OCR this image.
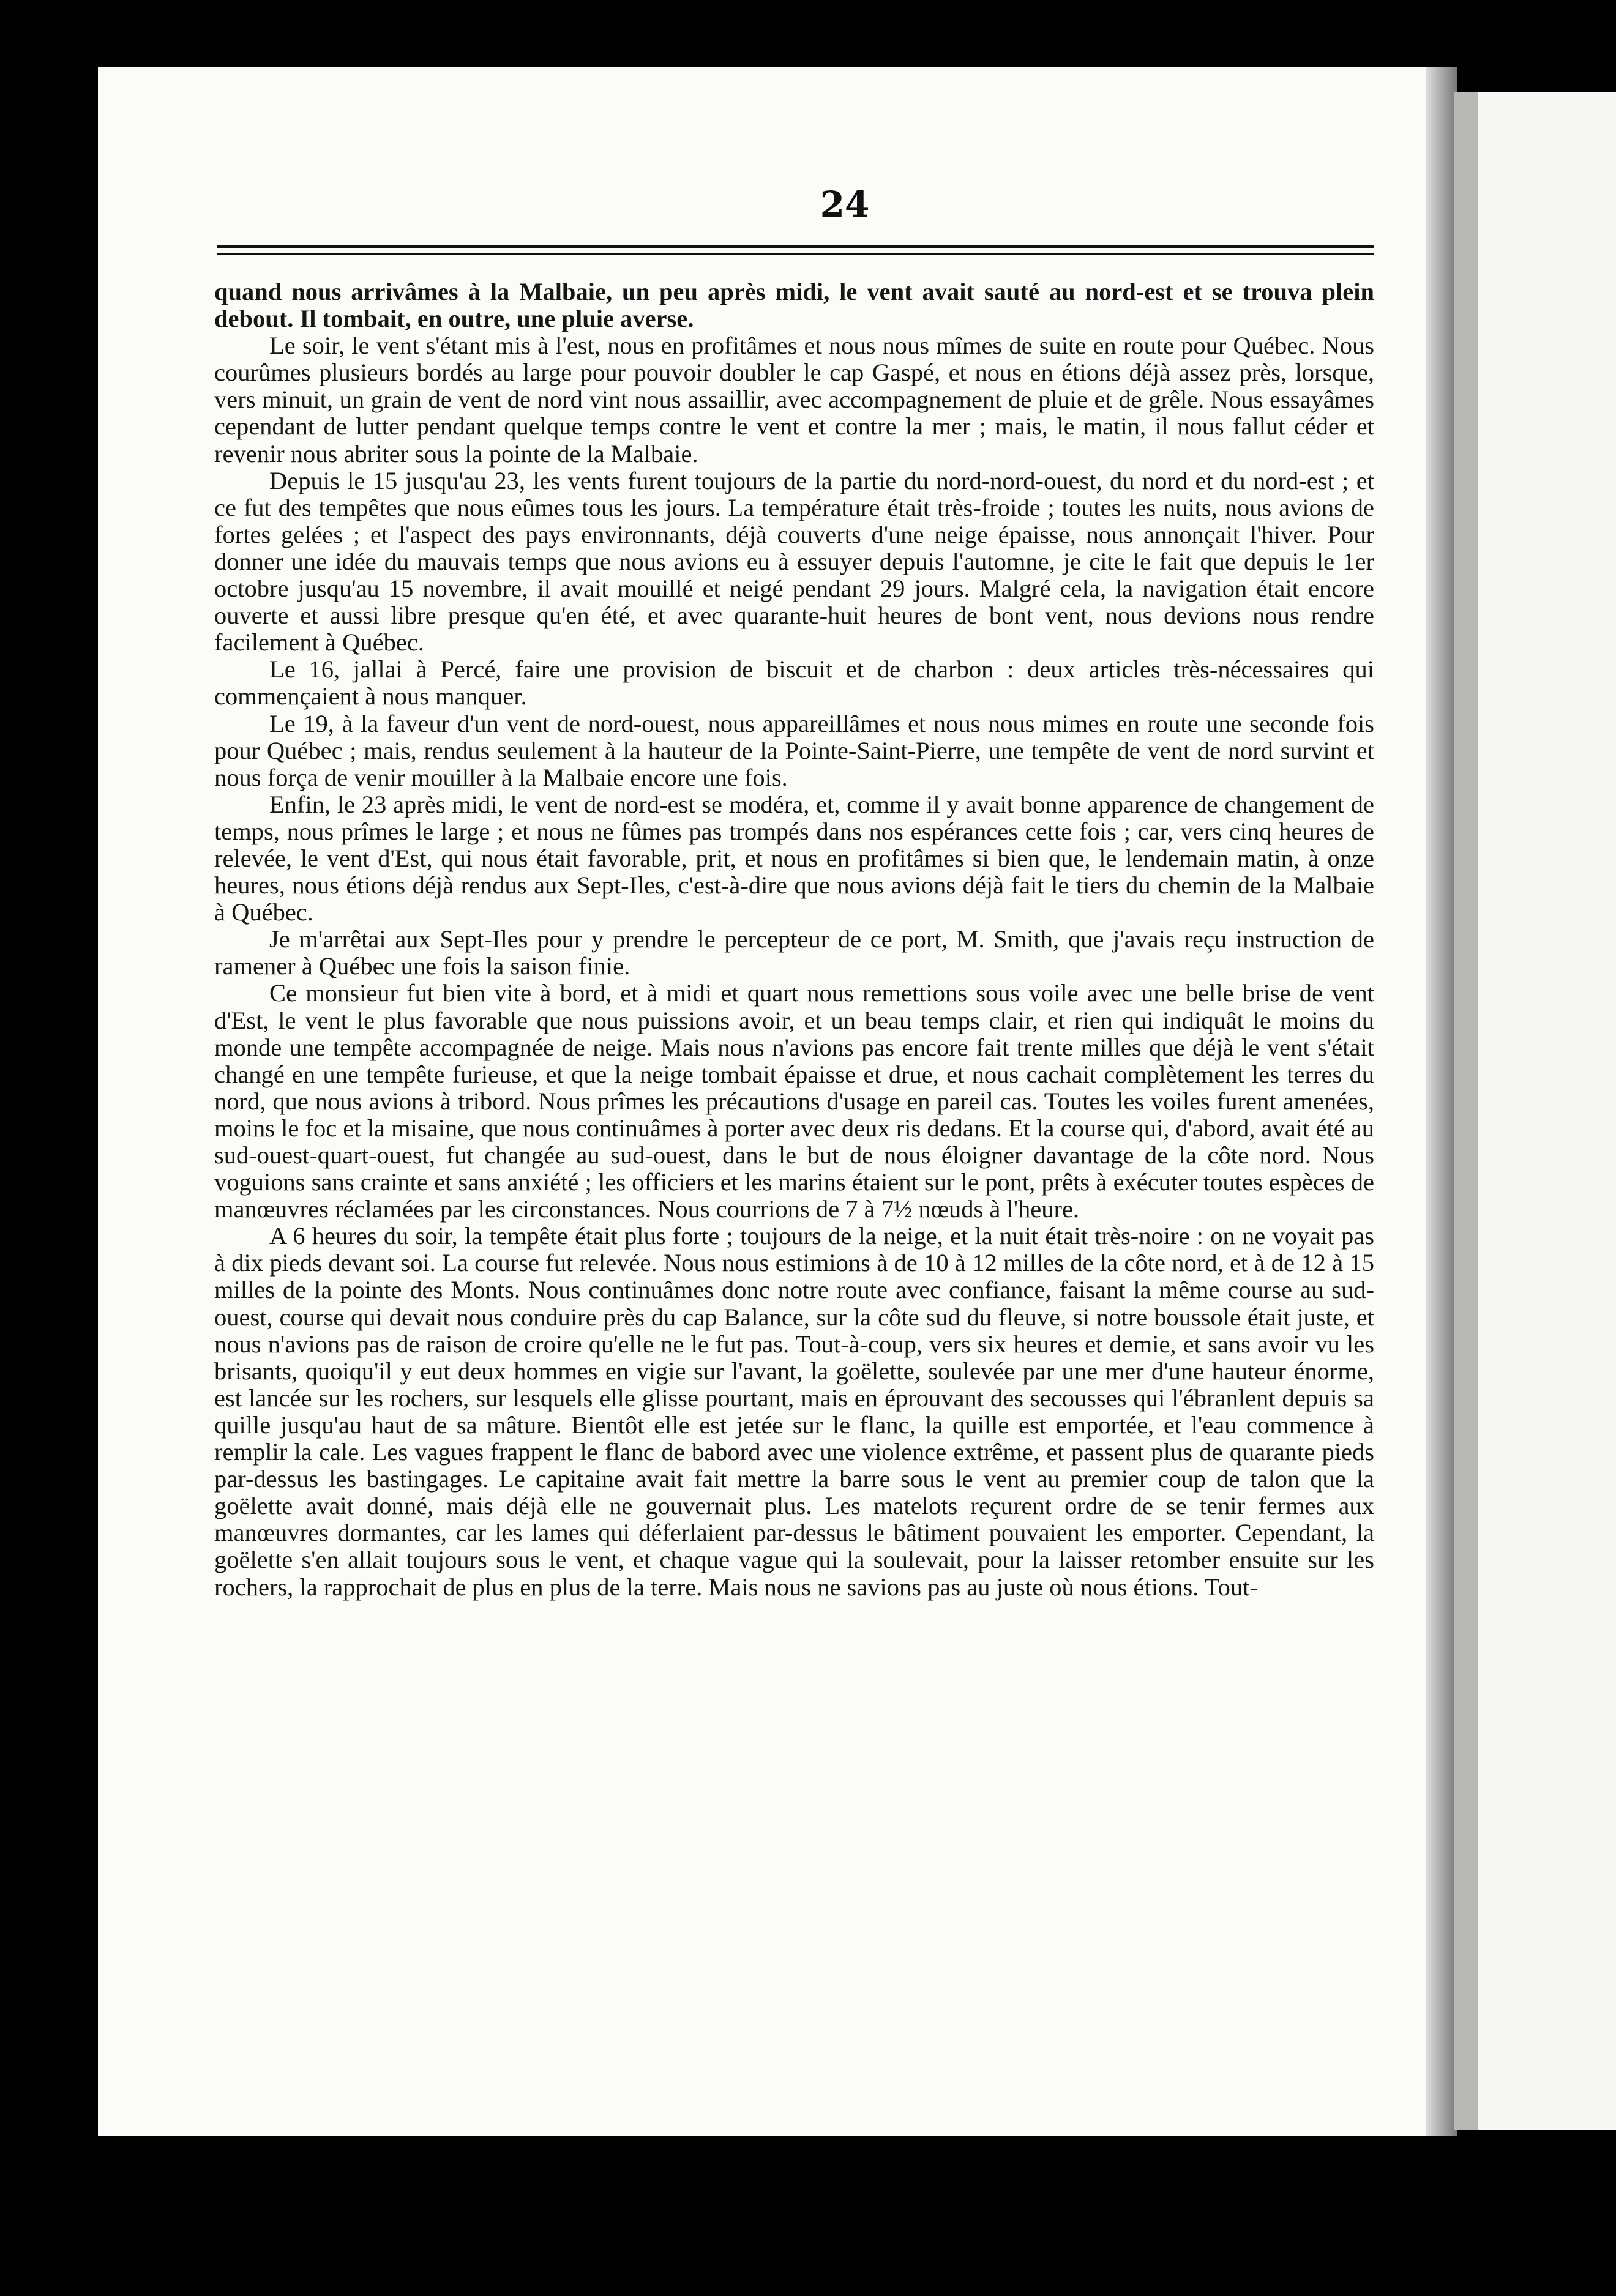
24

quand nous arrivâmes à la Malbaie, un peu après midi, le vent avait sauté au nord-est et se trouva plein debout. Il tombait, en outre, une pluie averse.

Le soir, le vent s'étant mis à l'est, nous en profitâmes et nous nous mîmes de suite en route pour Québec. Nous courûmes plusieurs bordés au large pour pouvoir doubler le cap Gaspé, et nous en étions déjà assez près, lorsque, vers minuit, un grain de vent de nord vint nous assaillir, avec accompagnement de pluie et de grêle. Nous essayâmes cependant de lutter pendant quelque temps contre le vent et contre la mer ; mais, le matin, il nous fallut céder et revenir nous abriter sous la pointe de la Malbaie.

Depuis le 15 jusqu'au 23, les vents furent toujours de la partie du nord-nord-ouest, du nord et du nord-est ; et ce fut des tempêtes que nous eûmes tous les jours. La température était très-froide ; toutes les nuits, nous avions de fortes gelées ; et l'aspect des pays environnants, déjà couverts d'une neige épaisse, nous annonçait l'hiver. Pour donner une idée du mauvais temps que nous avions eu à essuyer depuis l'automne, je cite le fait que depuis le 1er octobre jusqu'au 15 novembre, il avait mouillé et neigé pendant 29 jours. Malgré cela, la navigation était encore ouverte et aussi libre presque qu'en été, et avec quarante-huit heures de bont vent, nous devions nous rendre facilement à Québec.

Le 16, jallai à Percé, faire une provision de biscuit et de charbon : deux articles très-nécessaires qui commençaient à nous manquer.

Le 19, à la faveur d'un vent de nord-ouest, nous appareillâmes et nous nous mimes en route une seconde fois pour Québec ; mais, rendus seulement à la hauteur de la Pointe-Saint-Pierre, une tempête de vent de nord survint et nous força de venir mouiller à la Malbaie encore une fois.

Enfin, le 23 après midi, le vent de nord-est se modéra, et, comme il y avait bonne apparence de changement de temps, nous prîmes le large ; et nous ne fûmes pas trompés dans nos espérances cette fois ; car, vers cinq heures de relevée, le vent d'Est, qui nous était favorable, prit, et nous en profitâmes si bien que, le lendemain matin, à onze heures, nous étions déjà rendus aux Sept-Iles, c'est-à-dire que nous avions déjà fait le tiers du chemin de la Malbaie à Québec.

Je m'arrêtai aux Sept-Iles pour y prendre le percepteur de ce port, M. Smith, que j'avais reçu instruction de ramener à Québec une fois la saison finie.

Ce monsieur fut bien vite à bord, et à midi et quart nous remettions sous voile avec une belle brise de vent d'Est, le vent le plus favorable que nous puissions avoir, et un beau temps clair, et rien qui indiquât le moins du monde une tempête accompagnée de neige. Mais nous n'avions pas encore fait trente milles que déjà le vent s'était changé en une tempête furieuse, et que la neige tombait épaisse et drue, et nous cachait complètement les terres du nord, que nous avions à tribord. Nous prîmes les précautions d'usage en pareil cas. Toutes les voiles furent amenées, moins le foc et la misaine, que nous continuâmes à porter avec deux ris dedans. Et la course qui, d'abord, avait été au sud-ouest-quart-ouest, fut changée au sud-ouest, dans le but de nous éloigner davantage de la côte nord. Nous voguions sans crainte et sans anxiété ; les officiers et les marins étaient sur le pont, prêts à exécuter toutes espèces de manœuvres réclamées par les circonstances. Nous courrions de 7 à 7½ nœuds à l'heure.

A 6 heures du soir, la tempête était plus forte ; toujours de la neige, et la nuit était très-noire : on ne voyait pas à dix pieds devant soi. La course fut relevée. Nous nous estimions à de 10 à 12 milles de la côte nord, et à de 12 à 15 milles de la pointe des Monts. Nous continuâmes donc notre route avec confiance, faisant la même course au sud-ouest, course qui devait nous conduire près du cap Balance, sur la côte sud du fleuve, si notre boussole était juste, et nous n'avions pas de raison de croire qu'elle ne le fut pas. Tout-à-coup, vers six heures et demie, et sans avoir vu les brisants, quoiqu'il y eut deux hommes en vigie sur l'avant, la goëlette, soulevée par une mer d'une hauteur énorme, est lancée sur les rochers, sur lesquels elle glisse pourtant, mais en éprouvant des secousses qui l'ébranlent depuis sa quille jusqu'au haut de sa mâture. Bientôt elle est jetée sur le flanc, la quille est emportée, et l'eau commence à remplir la cale. Les vagues frappent le flanc de babord avec une violence extrême, et passent plus de quarante pieds par-dessus les bastingages. Le capitaine avait fait mettre la barre sous le vent au premier coup de talon que la goëlette avait donné, mais déjà elle ne gouvernait plus. Les matelots reçurent ordre de se tenir fermes aux manœuvres dormantes, car les lames qui déferlaient par-dessus le bâtiment pouvaient les emporter. Cependant, la goëlette s'en allait toujours sous le vent, et chaque vague qui la soulevait, pour la laisser retomber ensuite sur les rochers, la rapprochait de plus en plus de la terre. Mais nous ne savions pas au juste où nous étions. Tout-
